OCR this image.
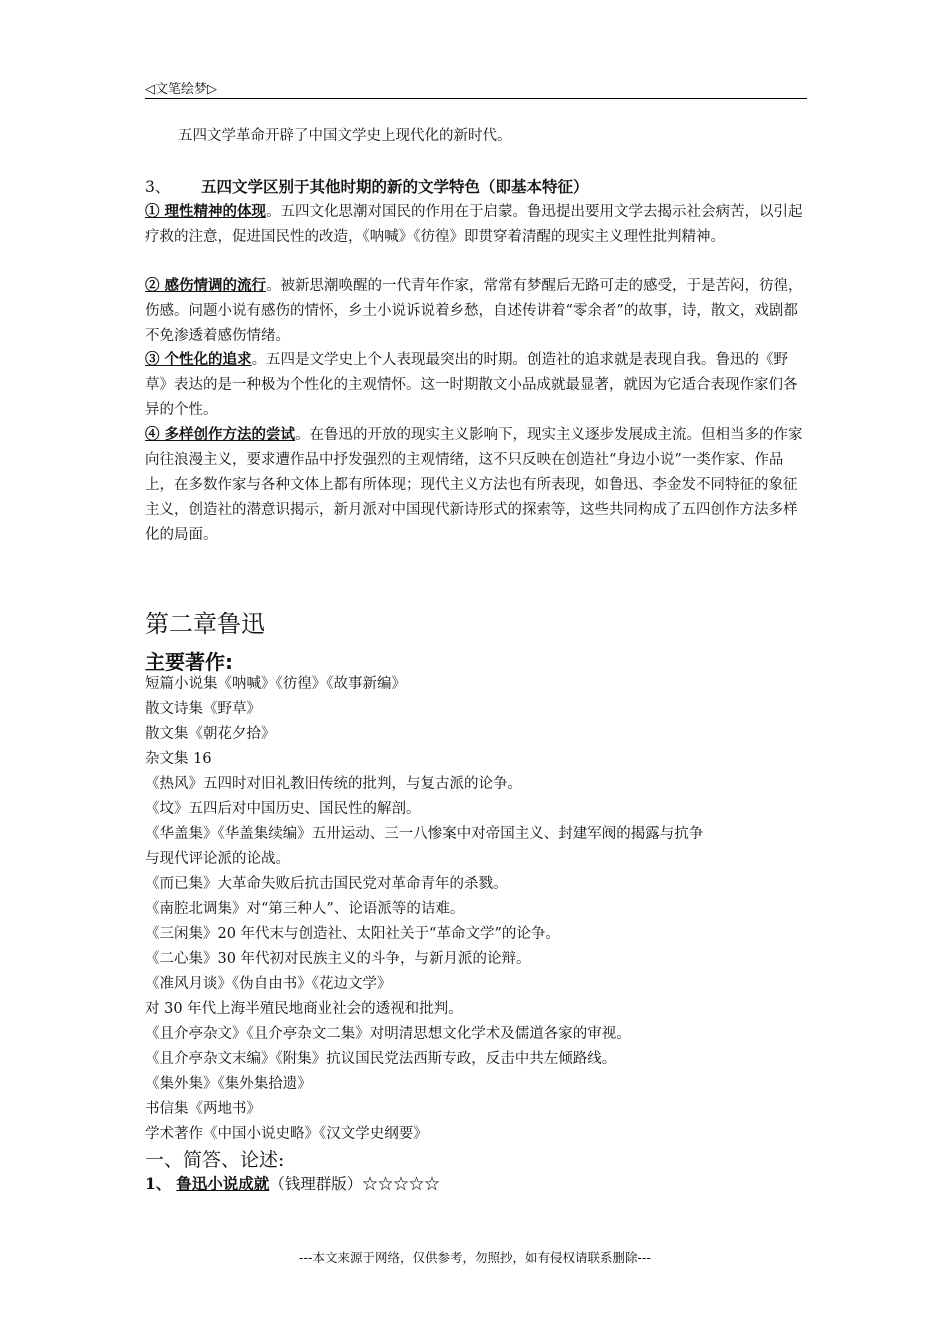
◁文笔绘梦▷

五四文学革命开辟了中国文学史上现代化的新时代。

3、 五四文学区别于其他时期的新的文学特色（即基本特征）

① 理性精神的体现。五四文化思潮对国民的作用在于启蒙。鲁迅提出要用文学去揭示社会病苦，以引起疗救的注意，促进国民性的改造，《呐喊》《彷徨》即贯穿着清醒的现实主义理性批判精神。

② 感伤情调的流行。被新思潮唤醒的一代青年作家，常常有梦醒后无路可走的感受，于是苦闷，彷徨，伤感。问题小说有感伤的情怀，乡土小说诉说着乡愁，自述传讲着“零余者”的故事，诗，散文，戏剧都不免渗透着感伤情绪。

③ 个性化的追求。五四是文学史上个人表现最突出的时期。创造社的追求就是表现自我。鲁迅的《野草》表达的是一种极为个性化的主观情怀。这一时期散文小品成就最显著，就因为它适合表现作家们各异的个性。

④ 多样创作方法的尝试。在鲁迅的开放的现实主义影响下，现实主义逐步发展成主流。但相当多的作家向往浪漫主义，要求遭作品中抒发强烈的主观情绪，这不只反映在创造社“身边小说”一类作家、作品上，在多数作家与各种文体上都有所体现；现代主义方法也有所表现，如鲁迅、李金发不同特征的象征主义，创造社的潜意识揭示，新月派对中国现代新诗形式的探索等，这些共同构成了五四创作方法多样化的局面。

第二章鲁迅
主要著作:
短篇小说集《呐喊》《彷徨》《故事新编》
散文诗集《野草》
散文集《朝花夕拾》
杂文集 16
《热风》五四时对旧礼教旧传统的批判，与复古派的论争。
《坟》五四后对中国历史、国民性的解剖。
《华盖集》《华盖集续编》五卅运动、三一八惨案中对帝国主义、封建军阀的揭露与抗争
与现代评论派的论战。
《而已集》大革命失败后抗击国民党对革命青年的杀戮。
《南腔北调集》对“第三种人”、论语派等的诘难。
《三闲集》20 年代末与创造社、太阳社关于“革命文学”的论争。
《二心集》30 年代初对民族主义的斗争，与新月派的论辩。
《准风月谈》《伪自由书》《花边文学》
对 30 年代上海半殖民地商业社会的透视和批判。
《且介亭杂文》《且介亭杂文二集》对明清思想文化学术及儒道各家的审视。
《且介亭杂文末编》《附集》抗议国民党法西斯专政，反击中共左倾路线。
《集外集》《集外集拾遗》
书信集《两地书》
学术著作《中国小说史略》《汉文学史纲要》
一、简答、论述:
1、 鲁迅小说成就（钱理群版）☆☆☆☆☆
---本文来源于网络，仅供参考，勿照抄，如有侵权请联系删除---
